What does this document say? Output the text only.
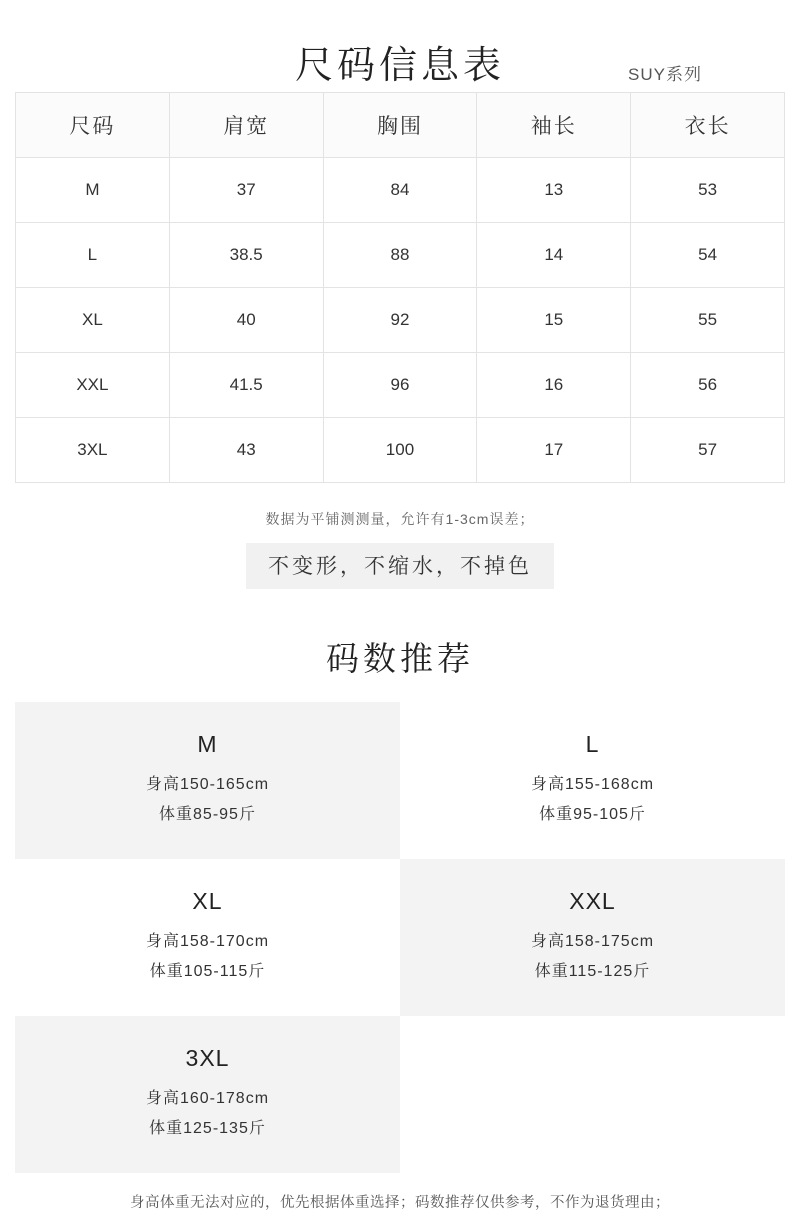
尺码信息表	SUY系列
尺码	肩宽	胸围	袖长	衣长
M	37	84	13	53
L	38.5	88	14	54
XL	40	92	15	55
XXL	41.5	96	16	56
3XL	43	100	17	57
数据为平铺测测量，允许有1-3cm误差；
不变形，不缩水，不掉色
码数推荐
M
身高150-165cm
体重85-95斤
L
身高155-168cm
体重95-105斤
XL
身高158-170cm
体重105-115斤
XXL
身高158-175cm
体重115-125斤
3XL
身高160-178cm
体重125-135斤
身高体重无法对应的，优先根据体重选择；码数推荐仅供参考，不作为退货理由；
